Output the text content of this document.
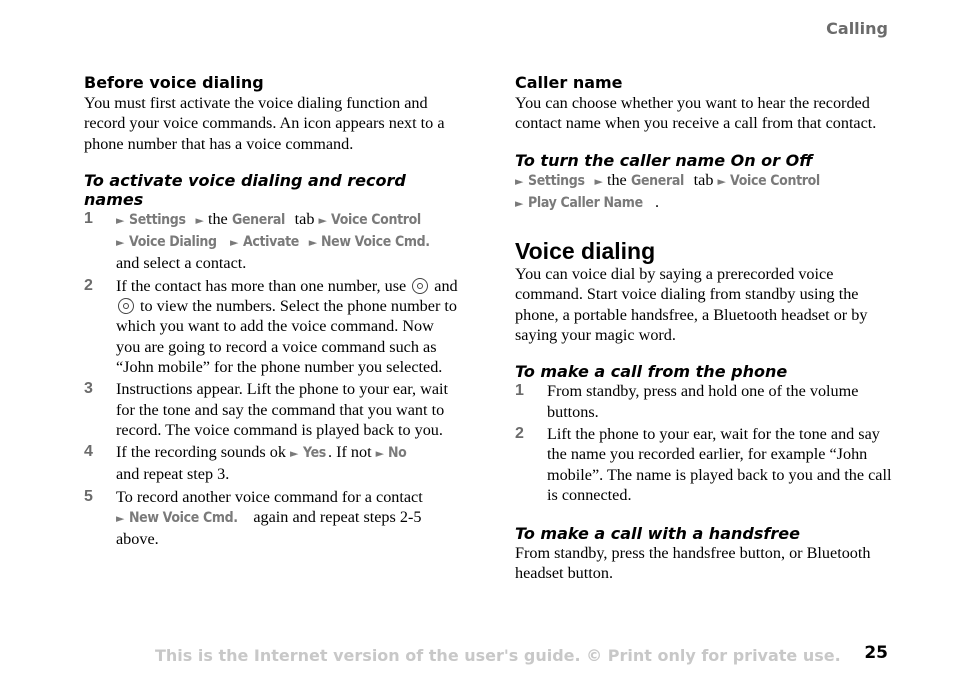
Calling
Before voice dialing

You must first activate the voice dialing function and record your voice commands. An icon appears next to a phone number that has a voice command.

To activate voice dialing and record names
1	► Settings ► the General tab ► Voice Control
► Voice Dialing ► Activate ► New Voice Cmd.
and select a contact.
2	If the contact has more than one number, use and  to view the numbers. Select the phone number to which you want to add the voice command. Now you are going to record a voice command such as “John mobile” for the phone number you selected.
3	Instructions appear. Lift the phone to your ear, wait for the tone and say the command that you want to record. The voice command is played back to you.
4	If the recording sounds ok ► Yes . If not ► No
and repeat step 3.
5	To record another voice command for a contact
► New Voice Cmd. again and repeat steps 2-5 above.
Caller name

You can choose whether you want to hear the recorded contact name when you receive a call from that contact.

To turn the caller name On or Off

► Settings ► the General tab ► Voice Control
► Play Caller Name .

Voice dialing

You can voice dial by saying a prerecorded voice command. Start voice dialing from standby using the phone, a portable handsfree, a Bluetooth headset or by saying your magic word.

To make a call from the phone
1	From standby, press and hold one of the volume buttons.
2	Lift the phone to your ear, wait for the tone and say the name you recorded earlier, for example “John mobile”. The name is played back to you and the call is connected.
To make a call with a handsfree

From standby, press the handsfree button, or Bluetooth headset button.

This is the Internet version of the user's guide. © Print only for private use. 25
